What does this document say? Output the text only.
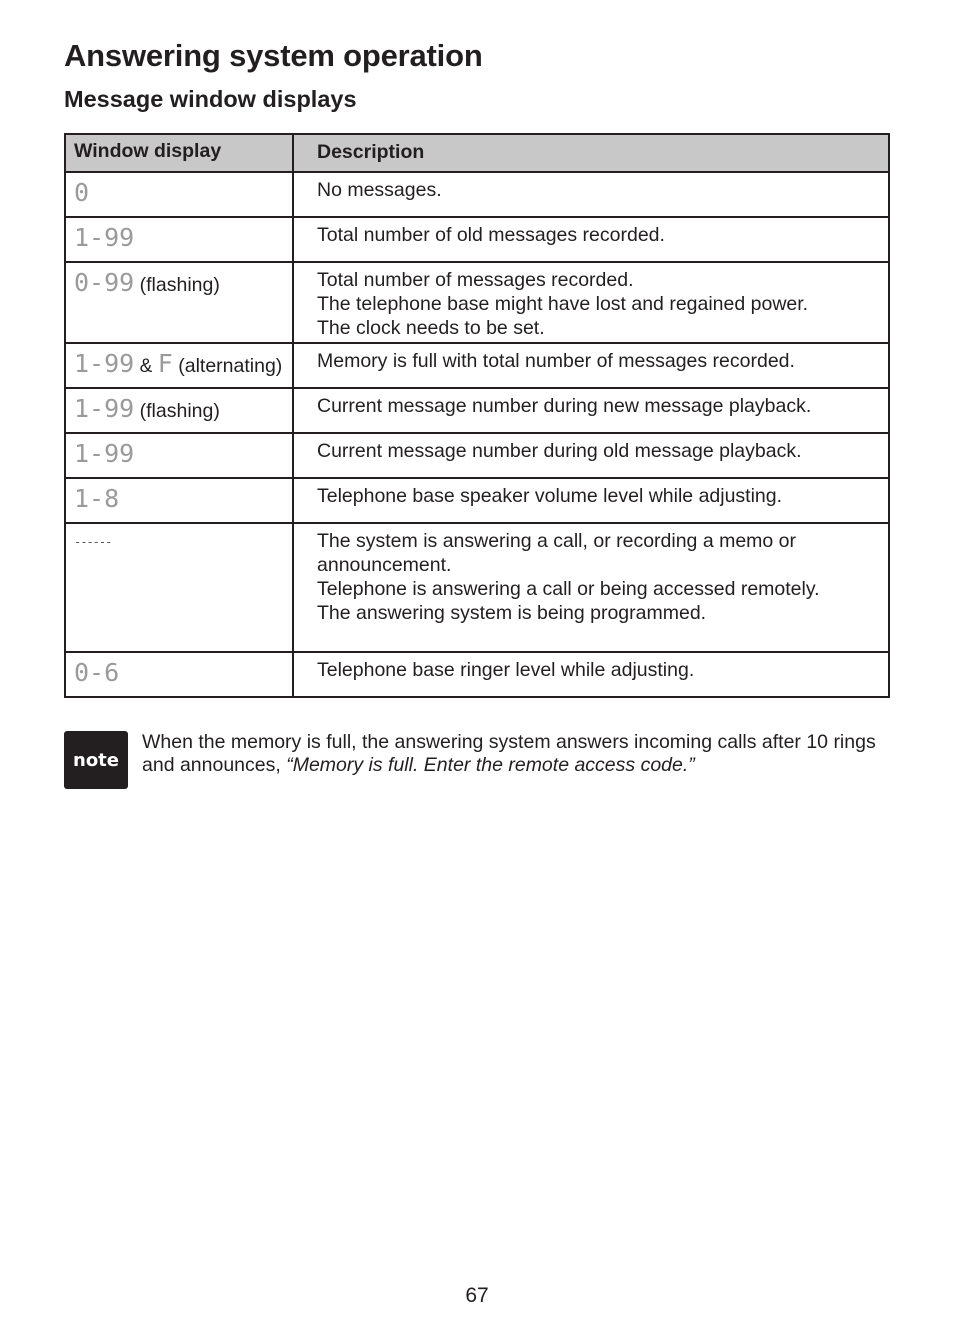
Answering system operation
Message window displays
Window display	Description

0	No messages.

1-99	Total number of old messages recorded.

0-99 (flashing)	Total number of messages recorded.
The telephone base might have lost and regained power.
The clock needs to be set.

1-99 & F (alternating)	Memory is full with total number of messages recorded.

1-99 (flashing)	Current message number during new message playback.

1-99	Current message number during old message playback.

1-8	Telephone base speaker volume level while adjusting.

------	The system is answering a call, or recording a memo or announcement.
Telephone is answering a call or being accessed remotely.
The answering system is being programmed.

0-6	Telephone base ringer level while adjusting.
note
When the memory is full, the answering system answers incoming calls after 10 rings and announces, “Memory is full. Enter the remote access code.”
67
